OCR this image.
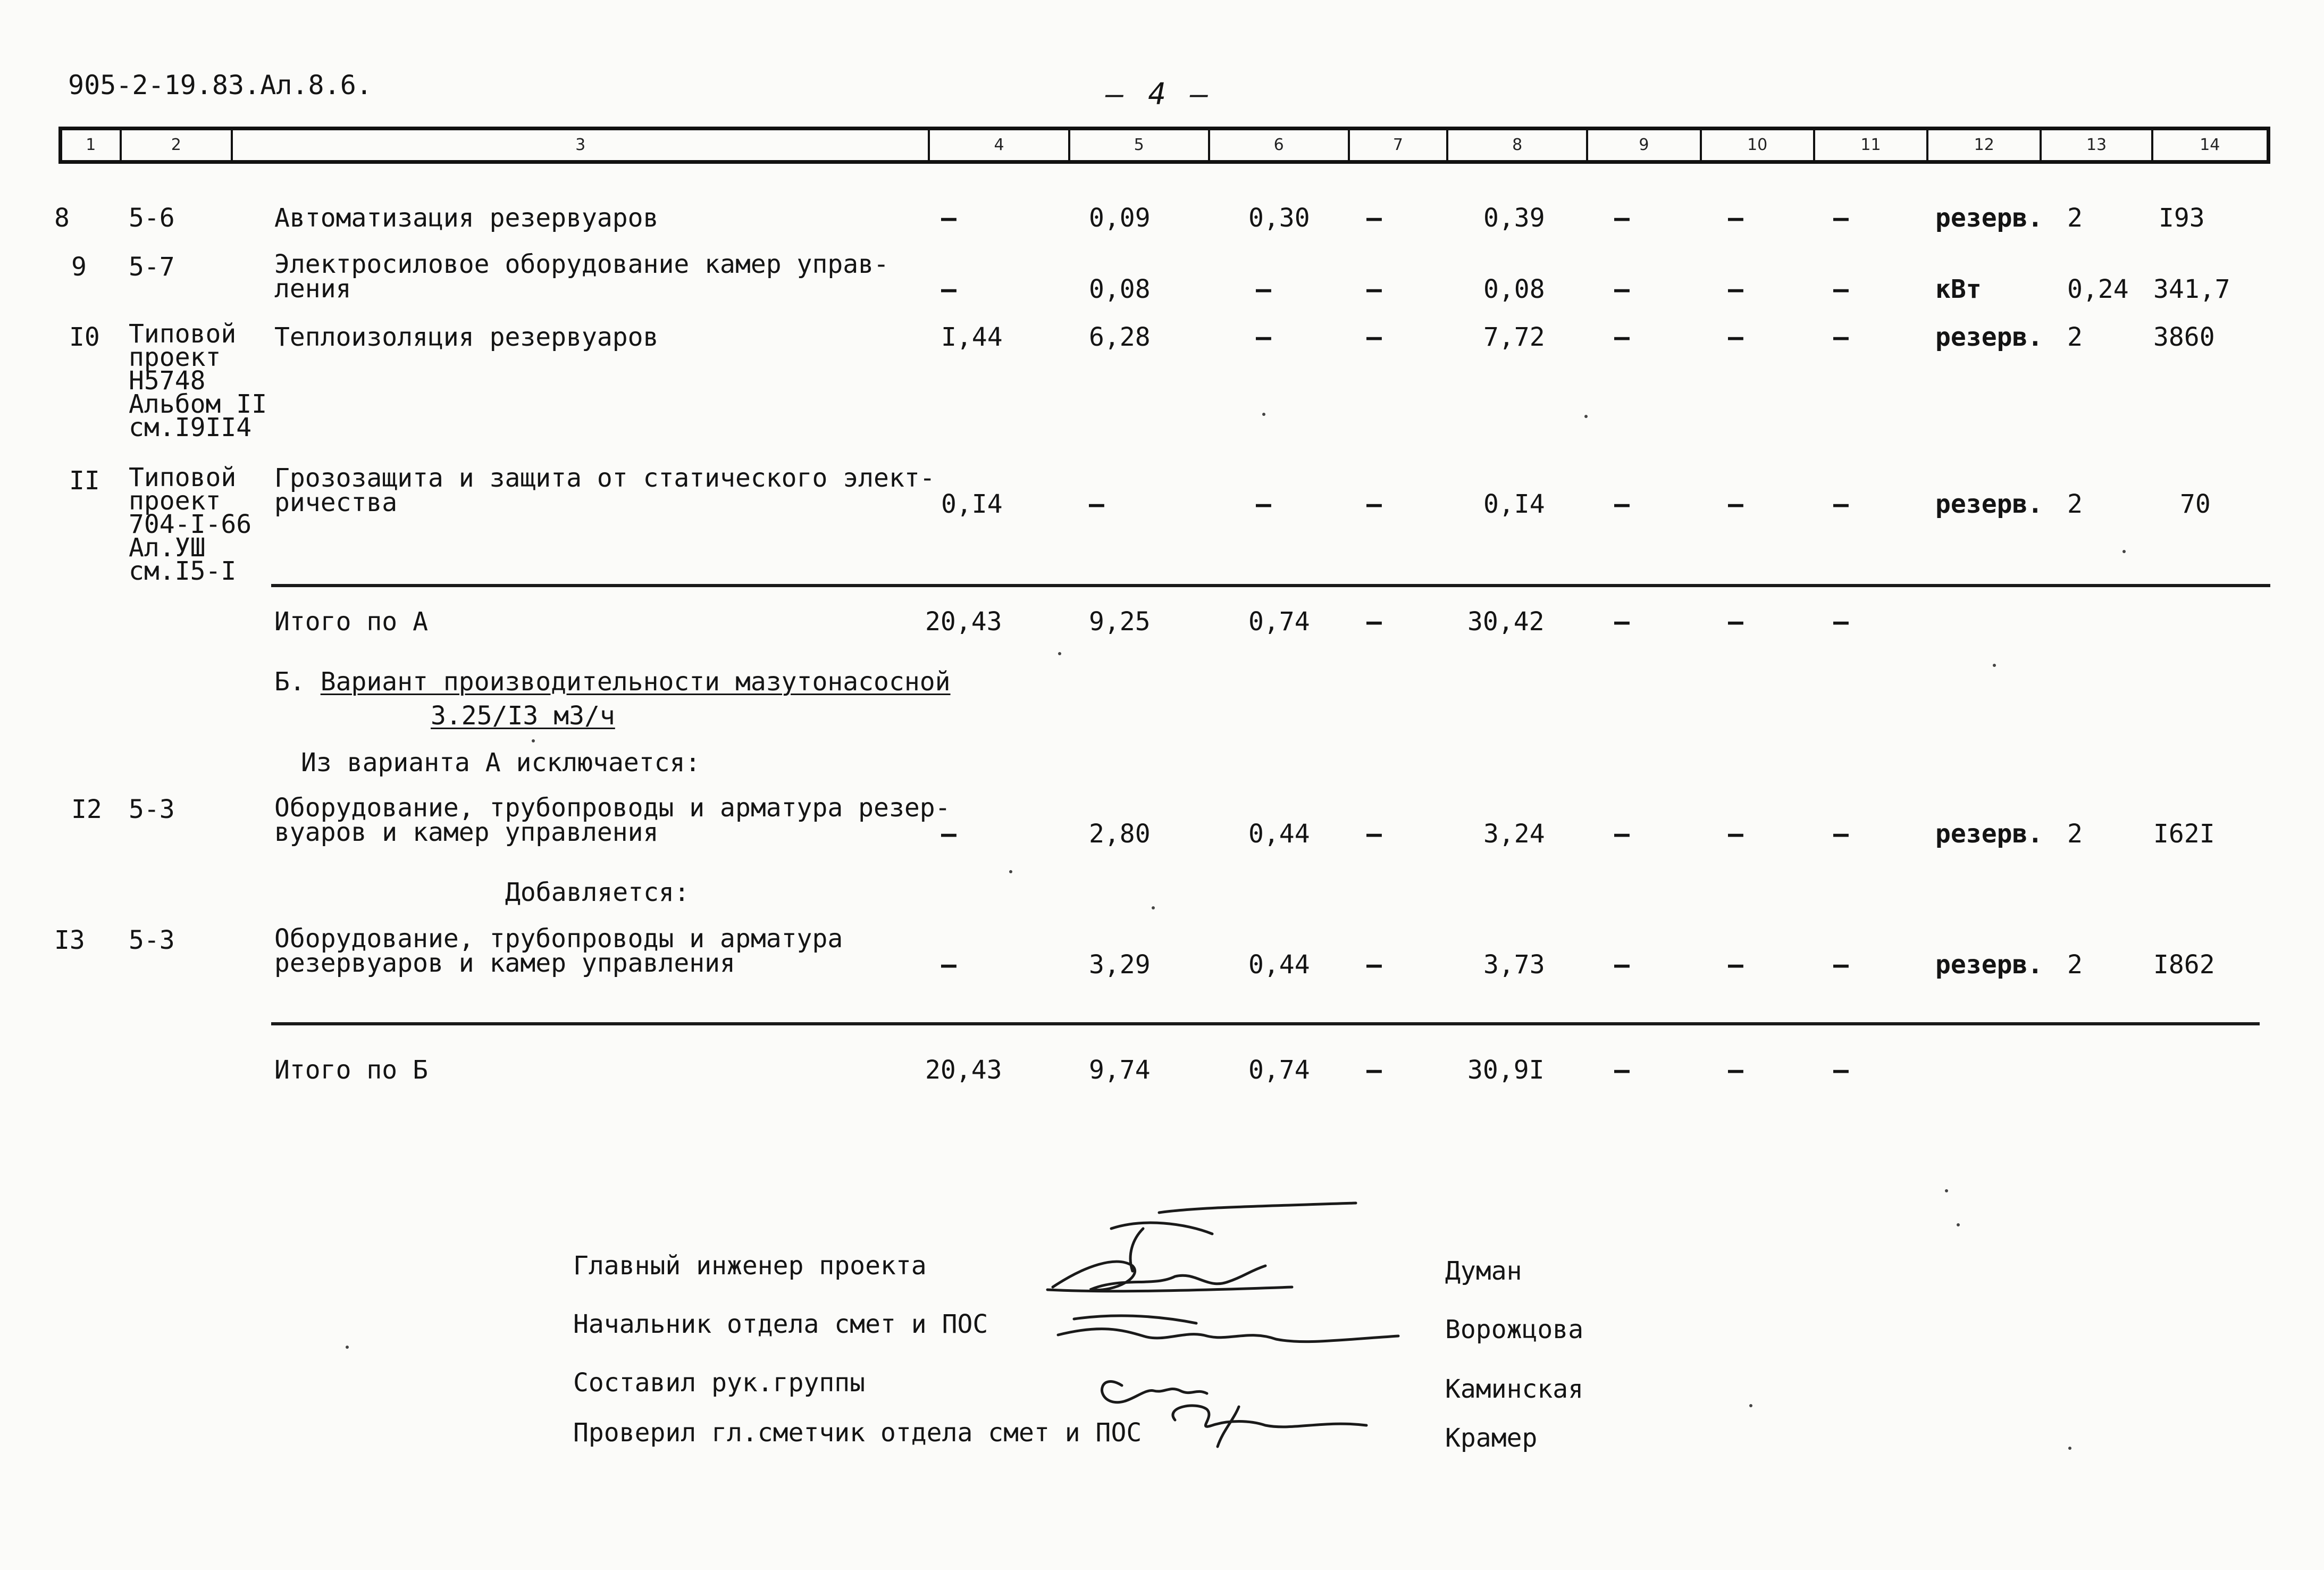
905-2-19.83.Ал.8.6.	— 4 —
1	2	3	4	5	6	7	8	9	10	11	12	13	14
8 5-6	Автоматизация резервуаров	—	0,09	0,30 —	0,39	—	—	—	резерв. 2	I93
9 5-7	Электросиловое оборудование камер управ-
ления	—	0,08	—	—	0,08	—	—	—	кВт	0,24 341,7
I0 Типовой
проект
Н5748
Альбом II
см.I9II4
Теплоизоляция резервуаров	I,44	6,28	—	—	7,72	—	—	—	резерв. 2	3860
II Типовой
проект
704-I-66
Ал.УШ
см.I5-I
Грозозащита и защита от статического элект-
ричества	0,I4	—	—	—	0,I4	—	—	—	резерв. 2	70
Итого по А	20,43	9,25	0,74 —	30,42	—	—	—
Б. Вариант производительности мазутонасосной
3.25/I3 м3/ч
Из варианта А исключается:
I2 5-3	Оборудование, трубопроводы и арматура резер-
вуаров и камер управления	—	2,80	0,44 —	3,24	—	—	—	резерв. 2	I62I
Добавляется:
I3 5-3	Оборудование, трубопроводы и арматура
резервуаров и камер управления	—	3,29	0,44 —	3,73	—	—	—	резерв. 2	I862
Итого по Б	20,43	9,74	0,74 —	30,9I	—	—	—
Главный инженер проекта	Думан
Начальник отдела смет и ПОС	Ворожцова
Составил рук.группы	Каминская
Проверил гл.сметчик отдела смет и ПОС	Крамер
